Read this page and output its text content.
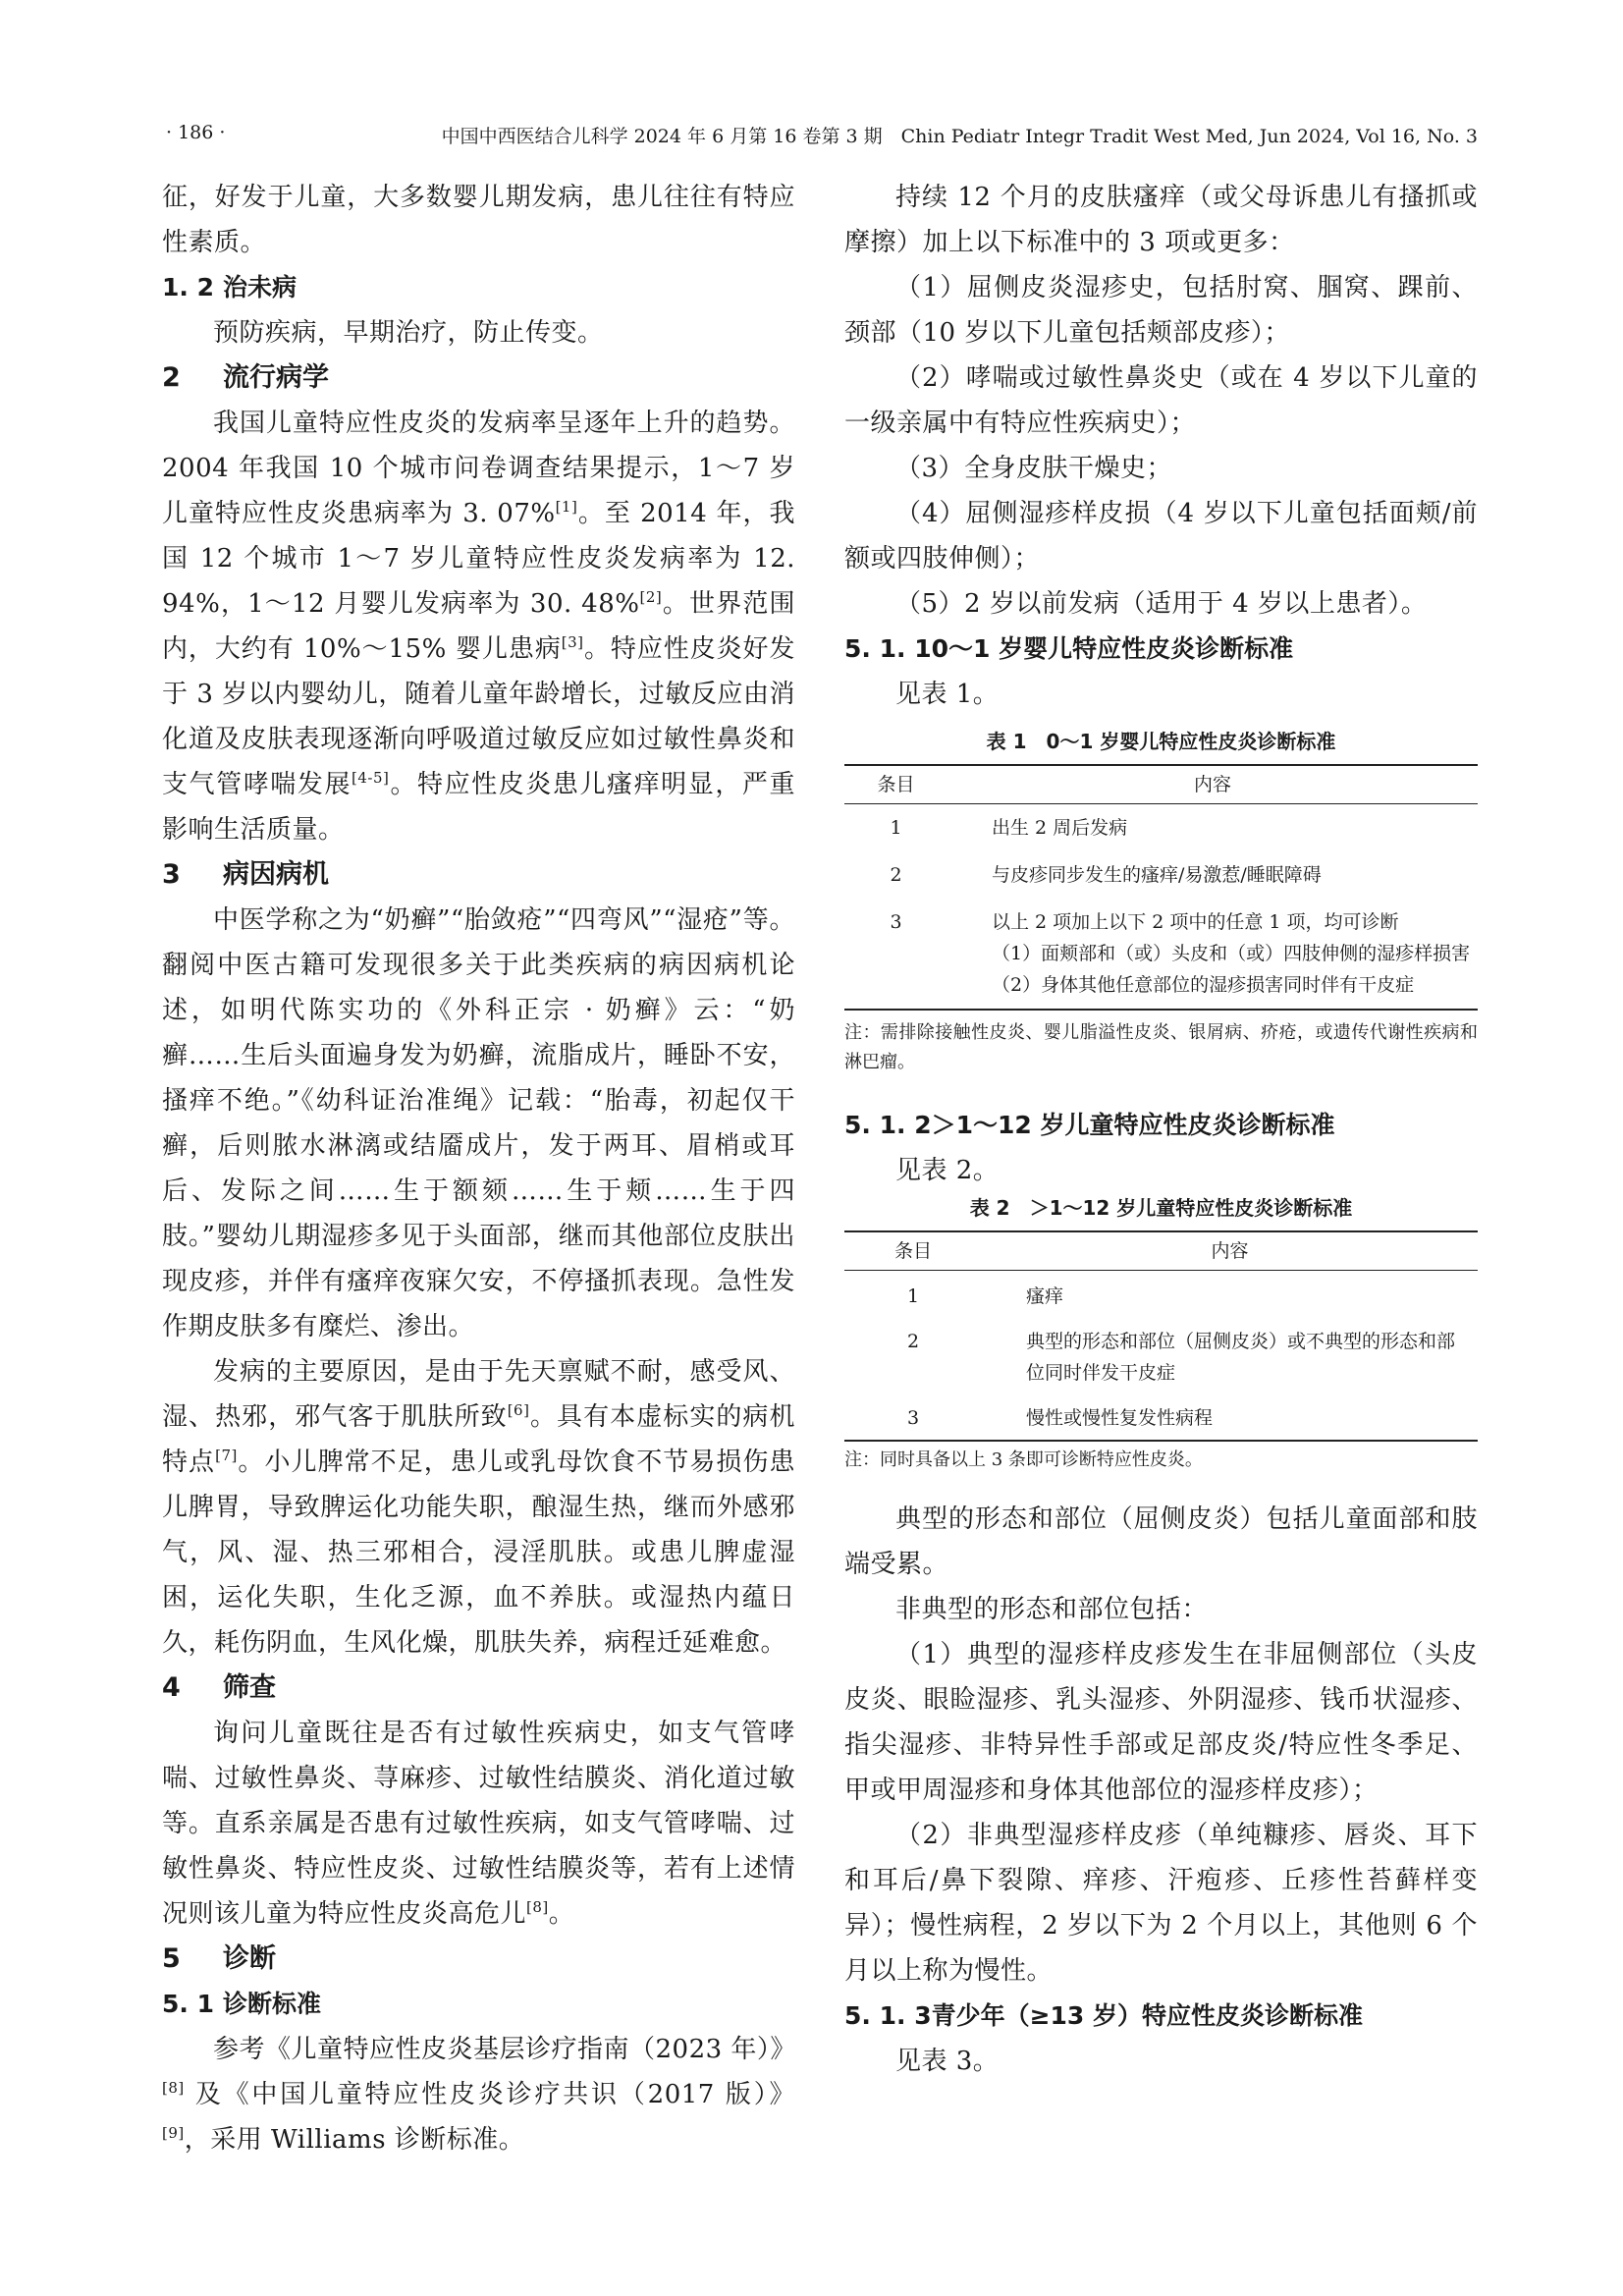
· 186 ·	中国中西医结合儿科学 2024 年 6 月第 16 卷第 3 期　Chin Pediatr Integr Tradit West Med, Jun 2024, Vol 16, No. 3

征，好发于儿童，大多数婴儿期发病，患儿往往有特应性素质。

1. 2 治未病

预防疾病，早期治疗，防止传变。

2 流行病学

我国儿童特应性皮炎的发病率呈逐年上升的趋势。2004 年我国 10 个城市问卷调查结果提示，1～7 岁儿童特应性皮炎患病率为 3. 07%[1]。至 2014 年，我国 12 个城市 1～7 岁儿童特应性皮炎发病率为 12. 94%，1～12 月婴儿发病率为 30. 48%[2]。世界范围内，大约有 10%～15% 婴儿患病[3]。特应性皮炎好发于 3 岁以内婴幼儿，随着儿童年龄增长，过敏反应由消化道及皮肤表现逐渐向呼吸道过敏反应如过敏性鼻炎和支气管哮喘发展[4-5]。特应性皮炎患儿瘙痒明显，严重影响生活质量。

3 病因病机

中医学称之为“奶癣”“胎敛疮”“四弯风”“湿疮”等。翻阅中医古籍可发现很多关于此类疾病的病因病机论述，如明代陈实功的《外科正宗 · 奶癣》云：“奶癣……生后头面遍身发为奶癣，流脂成片，睡卧不安，搔痒不绝。”《幼科证治准绳》记载：“胎毒，初起仅干癣，后则脓水淋漓或结靥成片，发于两耳、眉梢或耳后、发际之间……生于额颏……生于颊……生于四肢。”婴幼儿期湿疹多见于头面部，继而其他部位皮肤出现皮疹，并伴有瘙痒夜寐欠安，不停搔抓表现。急性发作期皮肤多有糜烂、渗出。

发病的主要原因，是由于先天禀赋不耐，感受风、湿、热邪，邪气客于肌肤所致[6]。具有本虚标实的病机特点[7]。小儿脾常不足，患儿或乳母饮食不节易损伤患儿脾胃，导致脾运化功能失职，酿湿生热，继而外感邪气，风、湿、热三邪相合，浸淫肌肤。或患儿脾虚湿困，运化失职，生化乏源，血不养肤。或湿热内蕴日久，耗伤阴血，生风化燥，肌肤失养，病程迁延难愈。

4 筛查

询问儿童既往是否有过敏性疾病史，如支气管哮喘、过敏性鼻炎、荨麻疹、过敏性结膜炎、消化道过敏等。直系亲属是否患有过敏性疾病，如支气管哮喘、过敏性鼻炎、特应性皮炎、过敏性结膜炎等，若有上述情况则该儿童为特应性皮炎高危儿[8]。

5 诊断

5. 1 诊断标准

参考《儿童特应性皮炎基层诊疗指南（2023 年）》[8] 及《中国儿童特应性皮炎诊疗共识（2017 版）》[9]，采用 Williams 诊断标准。

持续 12 个月的皮肤瘙痒（或父母诉患儿有搔抓或摩擦）加上以下标准中的 3 项或更多：

（1）屈侧皮炎湿疹史，包括肘窝、腘窝、踝前、颈部（10 岁以下儿童包括颊部皮疹）；

（2）哮喘或过敏性鼻炎史（或在 4 岁以下儿童的一级亲属中有特应性疾病史）；

（3）全身皮肤干燥史；

（4）屈侧湿疹样皮损（4 岁以下儿童包括面颊/前额或四肢伸侧）；

（5）2 岁以前发病（适用于 4 岁以上患者）。

5. 1. 10～1 岁婴儿特应性皮炎诊断标准

见表 1。

表 1　0～1 岁婴儿特应性皮炎诊断标准

条目	内容
1	出生 2 周后发病
2	与皮疹同步发生的瘙痒/易激惹/睡眠障碍
3	以上 2 项加上以下 2 项中的任意 1 项，均可诊断
（1）面颊部和（或）头皮和（或）四肢伸侧的湿疹样损害
（2）身体其他任意部位的湿疹损害同时伴有干皮症

注：需排除接触性皮炎、婴儿脂溢性皮炎、银屑病、疥疮，或遗传代谢性疾病和淋巴瘤。

5. 1. 2＞1～12 岁儿童特应性皮炎诊断标准

见表 2。

表 2　＞1～12 岁儿童特应性皮炎诊断标准

条目	内容
1	瘙痒
2	典型的形态和部位（屈侧皮炎）或不典型的形态和部位同时伴发干皮症
3	慢性或慢性复发性病程

注：同时具备以上 3 条即可诊断特应性皮炎。

典型的形态和部位（屈侧皮炎）包括儿童面部和肢端受累。

非典型的形态和部位包括：

（1）典型的湿疹样皮疹发生在非屈侧部位（头皮皮炎、眼睑湿疹、乳头湿疹、外阴湿疹、钱币状湿疹、指尖湿疹、非特异性手部或足部皮炎/特应性冬季足、甲或甲周湿疹和身体其他部位的湿疹样皮疹）；

（2）非典型湿疹样皮疹（单纯糠疹、唇炎、耳下和耳后/鼻下裂隙、痒疹、汗疱疹、丘疹性苔藓样变异）；慢性病程，2 岁以下为 2 个月以上，其他则 6 个月以上称为慢性。

5. 1. 3青少年（≥13 岁）特应性皮炎诊断标准

见表 3。
